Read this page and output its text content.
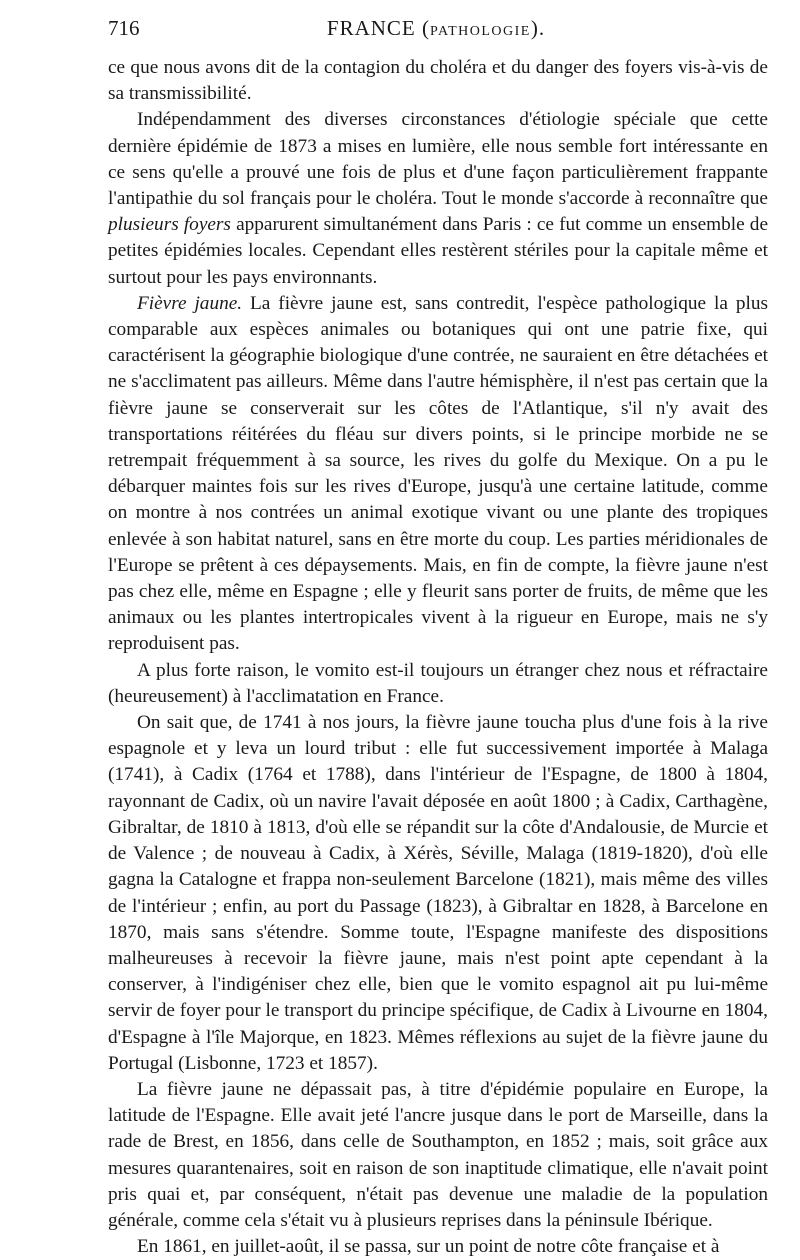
716	FRANCE (PATHOLOGIE).

ce que nous avons dit de la contagion du choléra et du danger des foyers vis-à-vis de sa transmissibilité.

Indépendamment des diverses circonstances d'étiologie spéciale que cette dernière épidémie de 1873 a mises en lumière, elle nous semble fort intéressante en ce sens qu'elle a prouvé une fois de plus et d'une façon particulièrement frappante l'antipathie du sol français pour le choléra. Tout le monde s'accorde à reconnaître que plusieurs foyers apparurent simultanément dans Paris : ce fut comme un ensemble de petites épidémies locales. Cependant elles restèrent stériles pour la capitale même et surtout pour les pays environnants.

Fièvre jaune. La fièvre jaune est, sans contredit, l'espèce pathologique la plus comparable aux espèces animales ou botaniques qui ont une patrie fixe, qui caractérisent la géographie biologique d'une contrée, ne sauraient en être détachées et ne s'acclimatent pas ailleurs. Même dans l'autre hémisphère, il n'est pas certain que la fièvre jaune se conserverait sur les côtes de l'Atlantique, s'il n'y avait des transportations réitérées du fléau sur divers points, si le principe morbide ne se retrempait fréquemment à sa source, les rives du golfe du Mexique. On a pu le débarquer maintes fois sur les rives d'Europe, jusqu'à une certaine latitude, comme on montre à nos contrées un animal exotique vivant ou une plante des tropiques enlevée à son habitat naturel, sans en être morte du coup. Les parties méridionales de l'Europe se prêtent à ces dépaysements. Mais, en fin de compte, la fièvre jaune n'est pas chez elle, même en Espagne ; elle y fleurit sans porter de fruits, de même que les animaux ou les plantes intertropicales vivent à la rigueur en Europe, mais ne s'y reproduisent pas.

A plus forte raison, le vomito est-il toujours un étranger chez nous et réfractaire (heureusement) à l'acclimatation en France.

On sait que, de 1741 à nos jours, la fièvre jaune toucha plus d'une fois à la rive espagnole et y leva un lourd tribut : elle fut successivement importée à Malaga (1741), à Cadix (1764 et 1788), dans l'intérieur de l'Espagne, de 1800 à 1804, rayonnant de Cadix, où un navire l'avait déposée en août 1800 ; à Cadix, Carthagène, Gibraltar, de 1810 à 1813, d'où elle se répandit sur la côte d'Andalousie, de Murcie et de Valence ; de nouveau à Cadix, à Xérès, Séville, Malaga (1819-1820), d'où elle gagna la Catalogne et frappa non-seulement Barcelone (1821), mais même des villes de l'intérieur ; enfin, au port du Passage (1823), à Gibraltar en 1828, à Barcelone en 1870, mais sans s'étendre. Somme toute, l'Espagne manifeste des dispositions malheureuses à recevoir la fièvre jaune, mais n'est point apte cependant à la conserver, à l'indigéniser chez elle, bien que le vomito espagnol ait pu lui-même servir de foyer pour le transport du principe spécifique, de Cadix à Livourne en 1804, d'Espagne à l'île Majorque, en 1823. Mêmes réflexions au sujet de la fièvre jaune du Portugal (Lisbonne, 1723 et 1857).

La fièvre jaune ne dépassait pas, à titre d'épidémie populaire en Europe, la latitude de l'Espagne. Elle avait jeté l'ancre jusque dans le port de Marseille, dans la rade de Brest, en 1856, dans celle de Southampton, en 1852 ; mais, soit grâce aux mesures quarantenaires, soit en raison de son inaptitude climatique, elle n'avait point pris quai et, par conséquent, n'était pas devenue une maladie de la population générale, comme cela s'était vu à plusieurs reprises dans la péninsule Ibérique.

En 1861, en juillet-août, il se passa, sur un point de notre côte française et à
